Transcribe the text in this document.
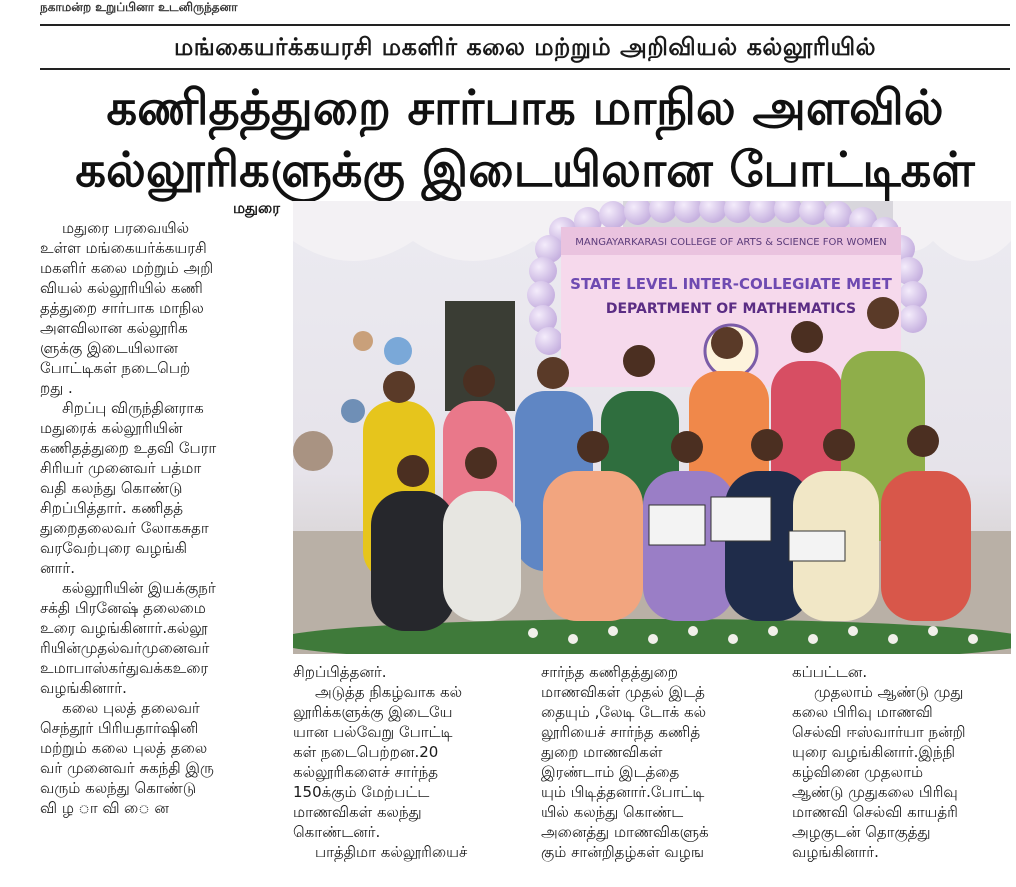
நகாமன்ற உறுப்பினா உடனிருந்தனா
மங்கையர்க்கயரசி மகளிர் கலை மற்றும் அறிவியல் கல்லூரியில்
கணிதத்துறை சார்பாக மாநில அளவில்
கல்லூரிகளுக்கு இடையிலான போட்டிகள்
மதுரை
மதுரை பரவையில்
உள்ள மங்கையர்க்கயரசி
மகளிர் கலை மற்றும் அறி
வியல் கல்லூரியில் கணி
தத்துறை சார்பாக மாநில
அளவிலான கல்லூரிக
ளுக்கு இடையிலான
போட்டிகள் நடைபெற்
றது .
சிறப்பு விருந்தினராக
மதுரைக் கல்லூரியின்
கணிதத்துறை உதவி பேரா
சிரியர் முனைவர் பத்மா
வதி கலந்து கொண்டு
சிறப்பித்தார். கணிதத்
துறைதலைவர் லோகசுதா
வரவேற்புரை வழங்கி
னார்.
கல்லூரியின் இயக்குநர்
சக்தி பிரனேஷ் தலைமை
உரை வழங்கினார்.கல்லூ
ரியின்முதல்வர்முனைவர்
உமாபாஸ்கர்துவக்கஉரை
வழங்கினார்.
கலை புலத் தலைவர்
செந்தூர் பிரியதார்ஷினி
மற்றும் கலை புலத் தலை
வர் முனைவர் சுகந்தி இரு
வரும் கலந்து கொண்டு
வி ழ ா வி ை ன
MANGAYARKARASI COLLEGE OF ARTS & SCIENCE FOR WOMEN
STATE LEVEL INTER-COLLEGIATE MEET
DEPARTMENT OF MATHEMATICS
சிறப்பித்தனர்.
அடுத்த நிகழ்வாக கல்
லூரிக்களுக்கு இடையே
யான பல்வேறு போட்டி
கள் நடைபெற்றன.20
கல்லூரிகளைச் சார்ந்த
150க்கும் மேற்பட்ட
மாணவிகள் கலந்து
கொண்டனர்.
பாத்திமா கல்லூரியைச்
சார்ந்த கணிதத்துறை
மாணவிகள் முதல் இடத்
தையும் ,லேடி டோக் கல்
லூரியைச் சார்ந்த கணித்
துறை மாணவிகள்
இரண்டாம் இடத்தை
யும் பிடித்தனார்.போட்டி
யில் கலந்து கொண்ட
அனைத்து மாணவிகளுக்
கும் சான்றிதழ்கள் வழங
கப்பட்டன.
முதலாம் ஆண்டு முது
கலை பிரிவு மாணவி
செல்வி ஈஸ்வார்யா நன்றி
யுரை வழங்கினார்.இந்நி
கழ்வினை முதலாம்
ஆண்டு முதுகலை பிரிவு
மாணவி செல்வி காயத்ரி
அழகுடன் தொகுத்து
வழங்கினார்.
